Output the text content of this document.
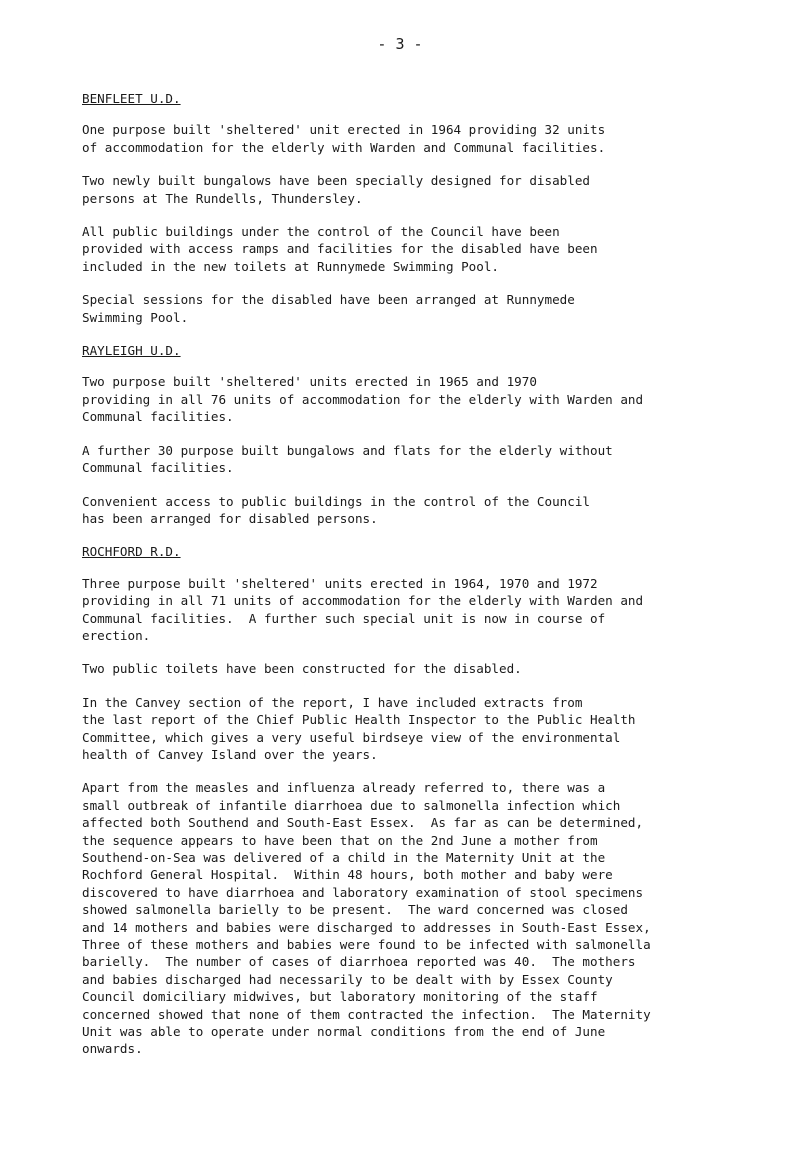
- 3 -
BENFLEET U.D.
One purpose built 'sheltered' unit erected in 1964 providing 32 units
of accommodation for the elderly with Warden and Communal facilities.
Two newly built bungalows have been specially designed for disabled
persons at The Rundells, Thundersley.
All public buildings under the control of the Council have been
provided with access ramps and facilities for the disabled have been
included in the new toilets at Runnymede Swimming Pool.
Special sessions for the disabled have been arranged at Runnymede
Swimming Pool.
RAYLEIGH U.D.
Two purpose built 'sheltered' units erected in 1965 and 1970
providing in all 76 units of accommodation for the elderly with Warden and
Communal facilities.
A further 30 purpose built bungalows and flats for the elderly without
Communal facilities.
Convenient access to public buildings in the control of the Council
has been arranged for disabled persons.
ROCHFORD R.D.
Three purpose built 'sheltered' units erected in 1964, 1970 and 1972
providing in all 71 units of accommodation for the elderly with Warden and
Communal facilities.  A further such special unit is now in course of
erection.
Two public toilets have been constructed for the disabled.
In the Canvey section of the report, I have included extracts from
the last report of the Chief Public Health Inspector to the Public Health
Committee, which gives a very useful birdseye view of the environmental
health of Canvey Island over the years.
Apart from the measles and influenza already referred to, there was a
small outbreak of infantile diarrhoea due to salmonella infection which
affected both Southend and South-East Essex.  As far as can be determined,
the sequence appears to have been that on the 2nd June a mother from
Southend-on-Sea was delivered of a child in the Maternity Unit at the
Rochford General Hospital.  Within 48 hours, both mother and baby were
discovered to have diarrhoea and laboratory examination of stool specimens
showed salmonella barielly to be present.  The ward concerned was closed
and 14 mothers and babies were discharged to addresses in South-East Essex,
Three of these mothers and babies were found to be infected with salmonella
barielly.  The number of cases of diarrhoea reported was 40.  The mothers
and babies discharged had necessarily to be dealt with by Essex County
Council domiciliary midwives, but laboratory monitoring of the staff
concerned showed that none of them contracted the infection.  The Maternity
Unit was able to operate under normal conditions from the end of June
onwards.
